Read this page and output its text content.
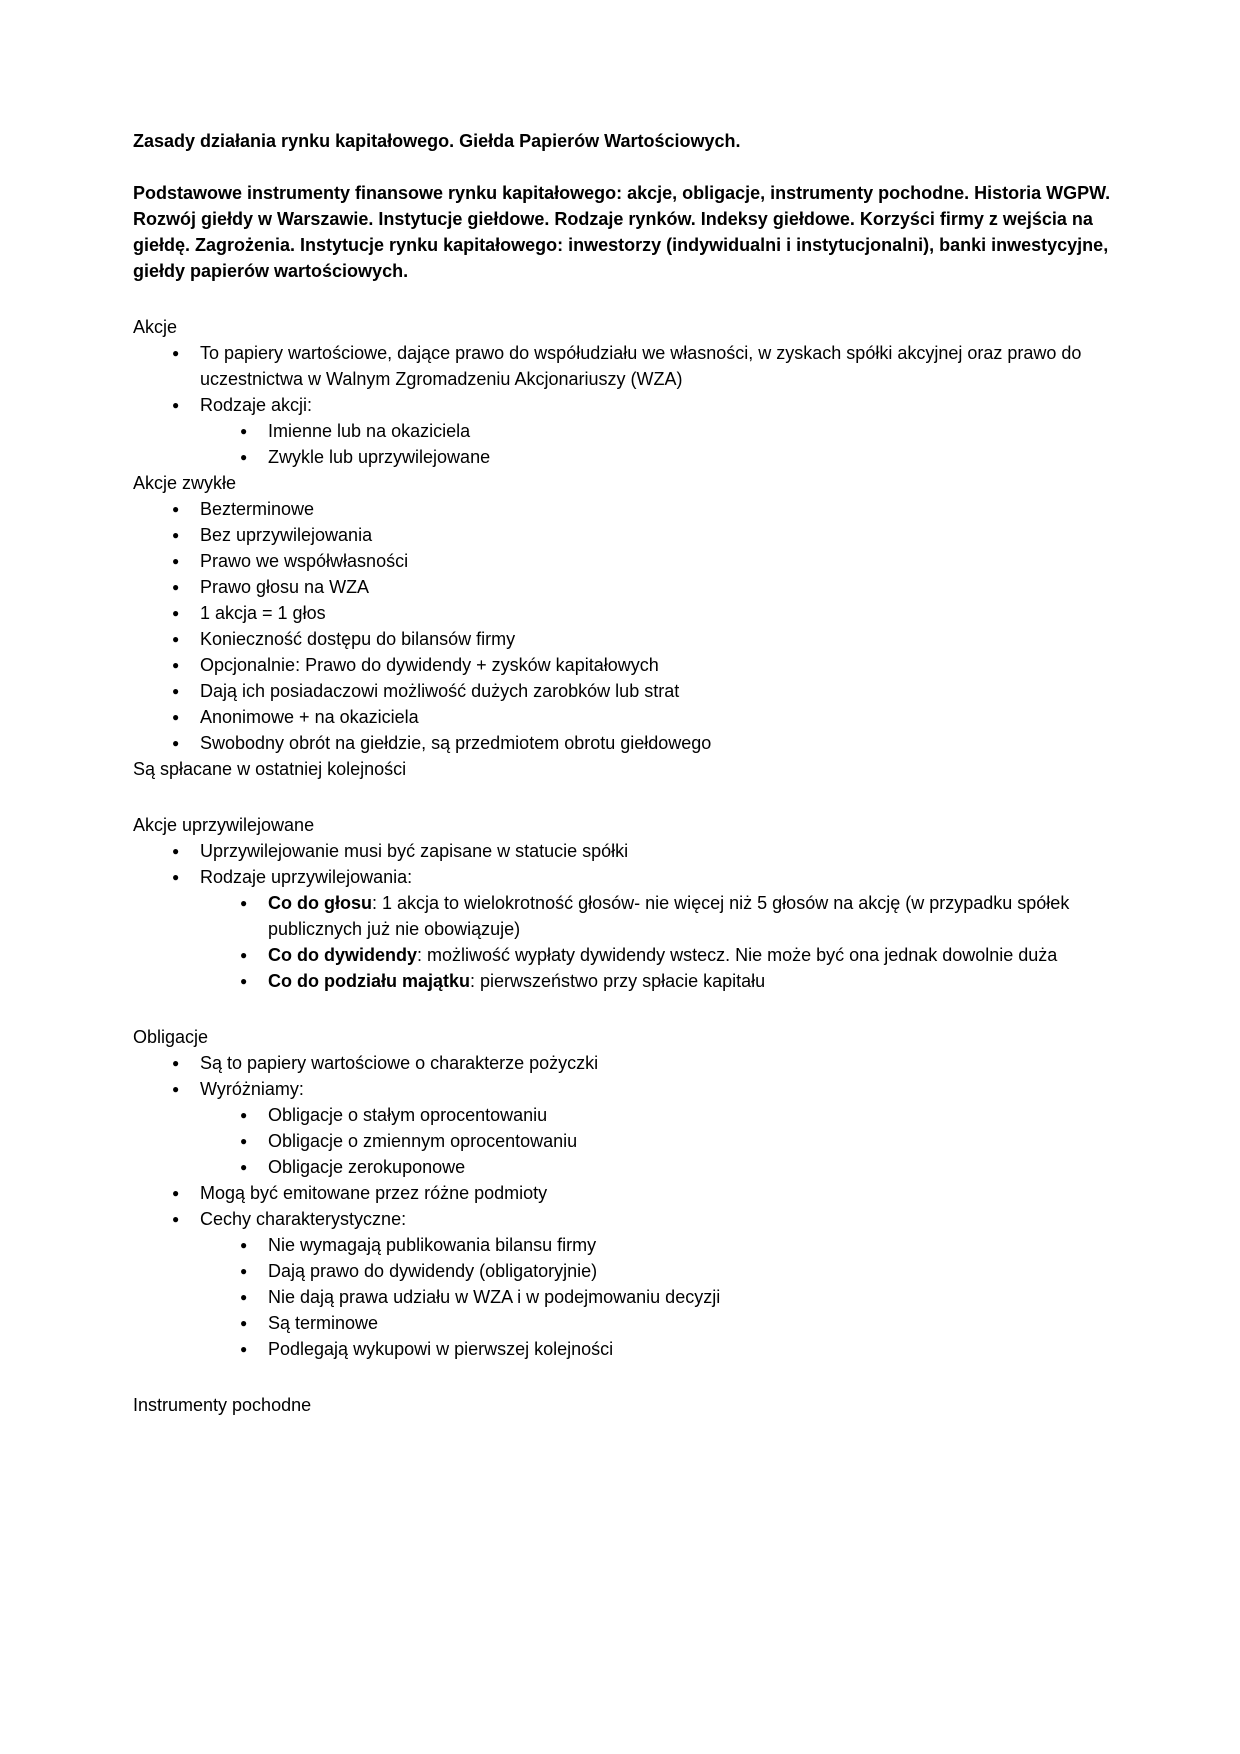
Zasady działania rynku kapitałowego. Giełda Papierów Wartościowych.

Podstawowe instrumenty finansowe rynku kapitałowego: akcje, obligacje, instrumenty pochodne. Historia WGPW. Rozwój giełdy w Warszawie. Instytucje giełdowe. Rodzaje rynków. Indeksy giełdowe. Korzyści firmy z wejścia na giełdę. Zagrożenia. Instytucje rynku kapitałowego: inwestorzy (indywidualni i instytucjonalni), banki inwestycyjne, giełdy papierów wartościowych.

Akcje
●	To papiery wartościowe, dające prawo do współudziału we własności, w zyskach spółki akcyjnej oraz prawo do uczestnictwa w Walnym Zgromadzeniu Akcjonariuszy (WZA)
●	Rodzaje akcji:
●	Imienne lub na okaziciela
●	Zwykle lub uprzywilejowane
Akcje zwykłe
●	Bezterminowe
●	Bez uprzywilejowania
●	Prawo we współwłasności
●	Prawo głosu na WZA
●	1 akcja = 1 głos
●	Konieczność dostępu do bilansów firmy
●	Opcjonalnie: Prawo do dywidendy + zysków kapitałowych
●	Dają ich posiadaczowi możliwość dużych zarobków lub strat
●	Anonimowe + na okaziciela
●	Swobodny obrót na giełdzie, są przedmiotem obrotu giełdowego
Są spłacane w ostatniej kolejności
Akcje uprzywilejowane
●	Uprzywilejowanie musi być zapisane w statucie spółki
●	Rodzaje uprzywilejowania:
●	Co do głosu: 1 akcja to wielokrotność głosów- nie więcej niż 5 głosów na akcję (w przypadku spółek publicznych już nie obowiązuje)
●	Co do dywidendy: możliwość wypłaty dywidendy wstecz. Nie może być ona jednak dowolnie duża
●	Co do podziału majątku: pierwszeństwo przy spłacie kapitału
Obligacje
●	Są to papiery wartościowe o charakterze pożyczki
●	Wyróżniamy:
●	Obligacje o stałym oprocentowaniu
●	Obligacje o zmiennym oprocentowaniu
●	Obligacje zerokuponowe
●	Mogą być emitowane przez różne podmioty
●	Cechy charakterystyczne:
●	Nie wymagają publikowania bilansu firmy
●	Dają prawo do dywidendy (obligatoryjnie)
●	Nie dają prawa udziału w WZA i w podejmowaniu decyzji
●	Są terminowe
●	Podlegają wykupowi w pierwszej kolejności
Instrumenty pochodne
